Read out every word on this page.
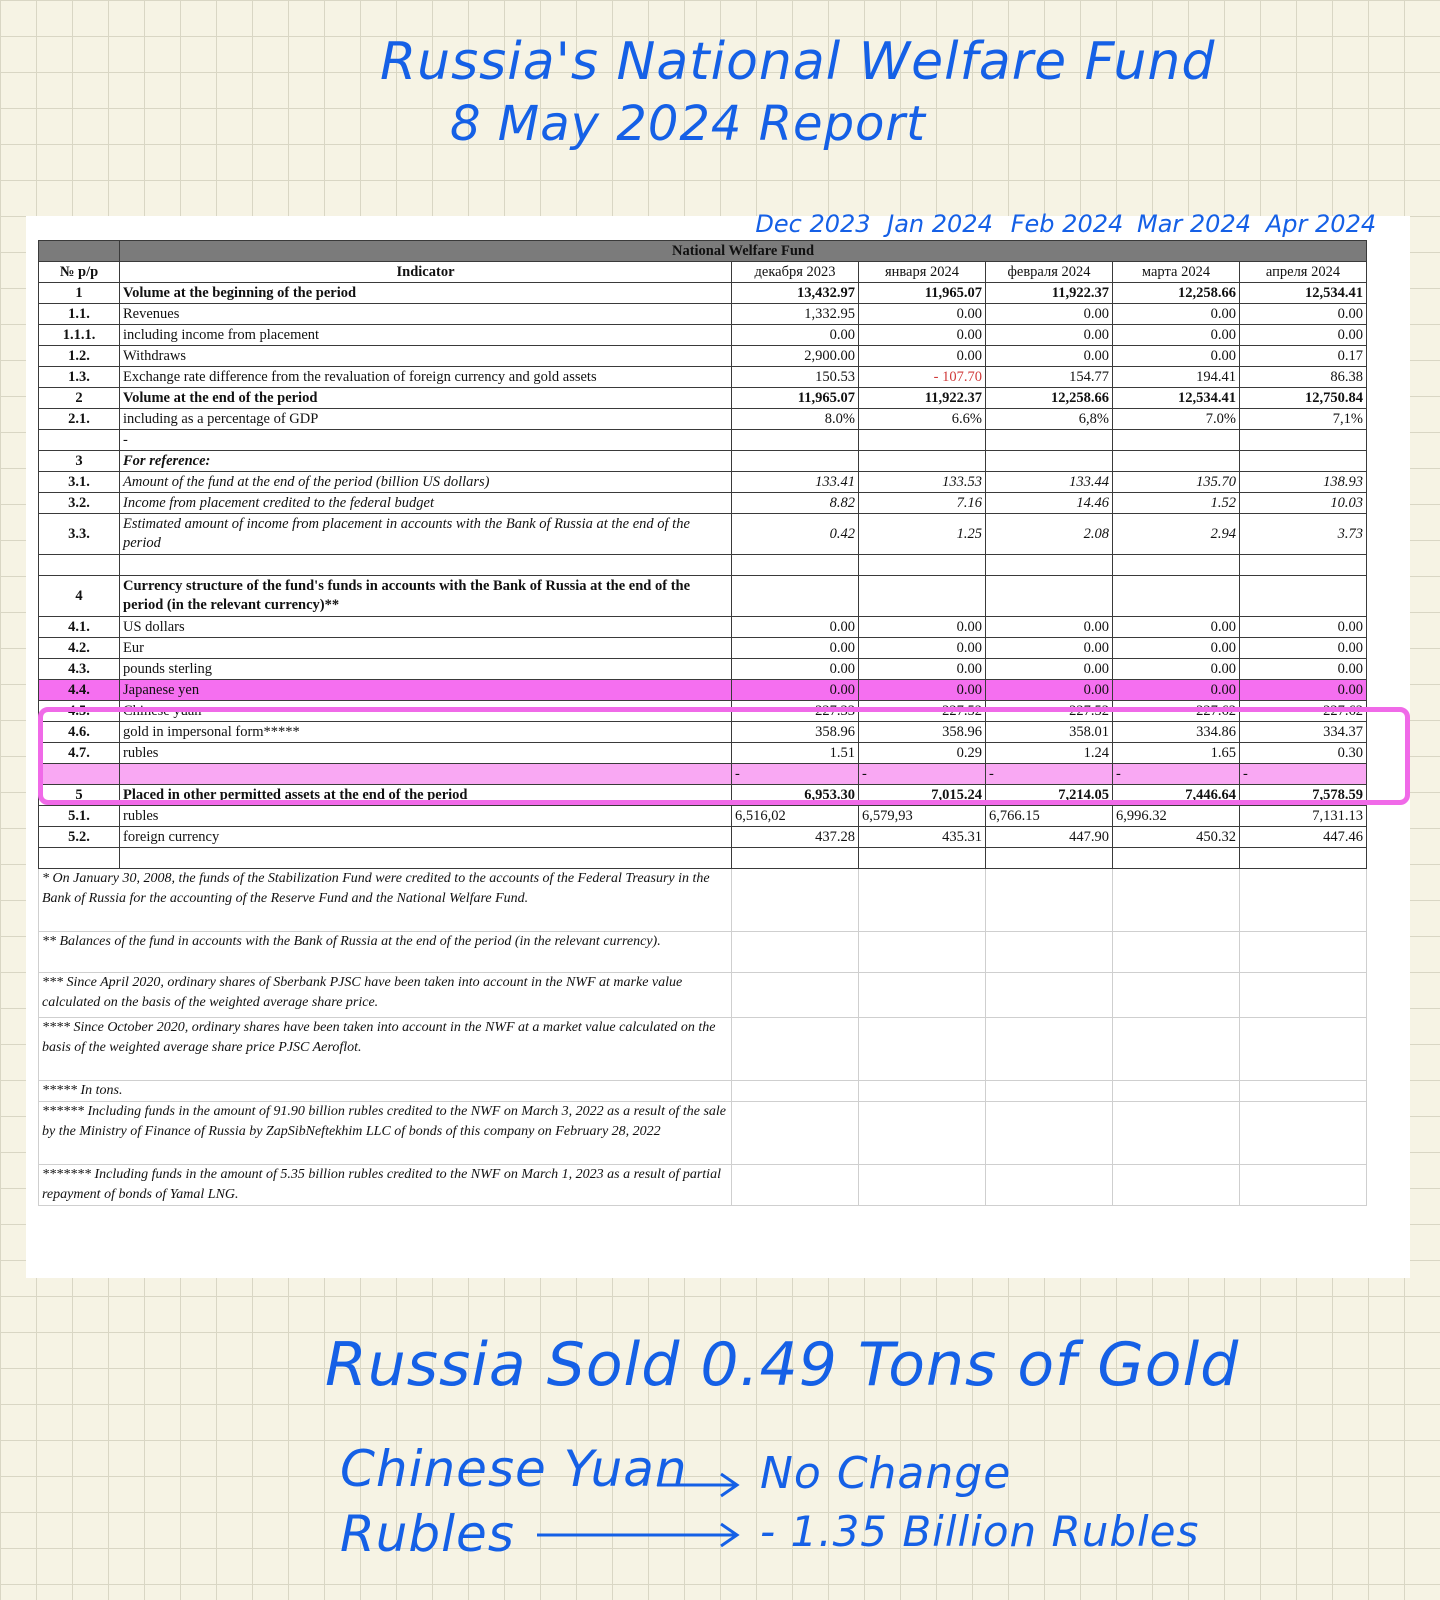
Russia's National Welfare Fund
8 May 2024 Report
Dec 2023 Jan 2024 Feb 2024 Mar 2024 Apr 2024
	National Welfare Fund					
№ p/p	Indicator	декабря 2023	января 2024	февраля 2024	марта 2024	апреля 2024
1	Volume at the beginning of the period	13,432.97	11,965.07	11,922.37	12,258.66	12,534.41
1.1.	Revenues	1,332.95	0.00	0.00	0.00	0.00
1.1.1.	including income from placement	0.00	0.00	0.00	0.00	0.00
1.2.	Withdraws	2,900.00	0.00	0.00	0.00	0.17
1.3.	Exchange rate difference from the revaluation of foreign currency and gold assets	150.53	- 107.70	154.77	194.41	86.38
2	Volume at the end of the period	11,965.07	11,922.37	12,258.66	12,534.41	12,750.84
2.1.	including as a percentage of GDP	8.0%	6.6%	6,8%	7.0%	7,1%
	-					
3	For reference:					
3.1.	Amount of the fund at the end of the period (billion US dollars)	133.41	133.53	133.44	135.70	138.93
3.2.	Income from placement credited to the federal budget	8.82	7.16	14.46	1.52	10.03
3.3.	Estimated amount of income from placement in accounts with the Bank of Russia at the end of the period	0.42	1.25	2.08	2.94	3.73

4	Currency structure of the fund's funds in accounts with the Bank of Russia at the end of the period (in the relevant currency)**					
4.1.	US dollars	0.00	0.00	0.00	0.00	0.00
4.2.	Eur	0.00	0.00	0.00	0.00	0.00
4.3.	pounds sterling	0.00	0.00	0.00	0.00	0.00
4.4.	Japanese yen	0.00	0.00	0.00	0.00	0.00
4.5.	Chinese yuan	227.33	227.52	227.52	227.62	227.62
4.6.	gold in impersonal form*****	358.96	358.96	358.01	334.86	334.37
4.7.	rubles	1.51	0.29	1.24	1.65	0.30
		-	-	-	-	-
5	Placed in other permitted assets at the end of the period	6,953.30	7,015.24	7,214.05	7,446.64	7,578.59
5.1.	rubles	6,516,02	6,579,93	6,766.15	6,996.32	7,131.13
5.2.	foreign currency	437.28	435.31	447.90	450.32	447.46

* On January 30, 2008, the funds of the Stabilization Fund were credited to the accounts of the Federal Treasury in the Bank of Russia for the accounting of the Reserve Fund and the National Welfare Fund.						
** Balances of the fund in accounts with the Bank of Russia at the end of the period (in the relevant currency).						
*** Since April 2020, ordinary shares of Sberbank PJSC have been taken into account in the NWF at marke value calculated on the basis of the weighted average share price.						
**** Since October 2020, ordinary shares have been taken into account in the NWF at a market value calculated on the basis of the weighted average share price PJSC Aeroflot.						
***** In tons.						
****** Including funds in the amount of 91.90 billion rubles credited to the NWF on March 3, 2022 as a result of the sale by the Ministry of Finance of Russia by ZapSibNeftekhim LLC of bonds of this company on February 28, 2022						
******* Including funds in the amount of 5.35 billion rubles credited to the NWF on March 1, 2023 as a result of partial repayment of bonds of Yamal LNG.						
Russia Sold 0.49 Tons of Gold
Chinese Yuan No Change
Rubles	- 1.35 Billion Rubles
